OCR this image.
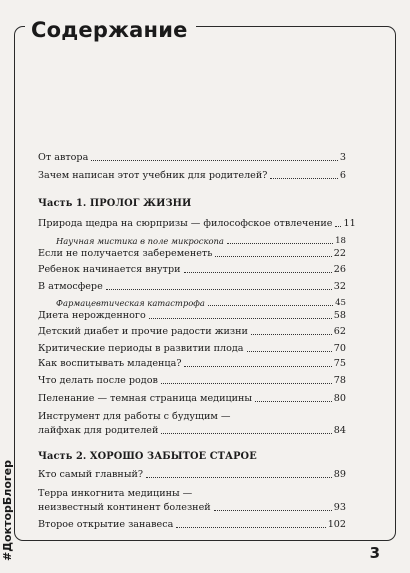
Содержание
От автора	3
Зачем написан этот учебник для родителей?	6
Часть 1. ПРОЛОГ ЖИЗНИ
Природа щедра на сюрпризы — философское отвлечение 11
Научная мистика в поле микроскопа	18
Если не получается забеременеть	22
Ребенок начинается внутри	26
В атмосфере	32
Фармацевтическая катастрофа	45
Диета нерожденного	58
Детский диабет и прочие радости жизни	62
Критические периоды в развитии плода	70
Как воспитывать младенца?	75
Что делать после родов	78
Пеленание — темная страница медицины	80
Инструмент для работы с будущим —
лайфхак для родителей	84
Часть 2. ХОРОШО ЗАБЫТОЕ СТАРОЕ
Кто самый главный?	89
Терра инкогнита медицины —
неизвестный континент болезней	93
Второе открытие занавеса	102
#ДокторБлогер	3
